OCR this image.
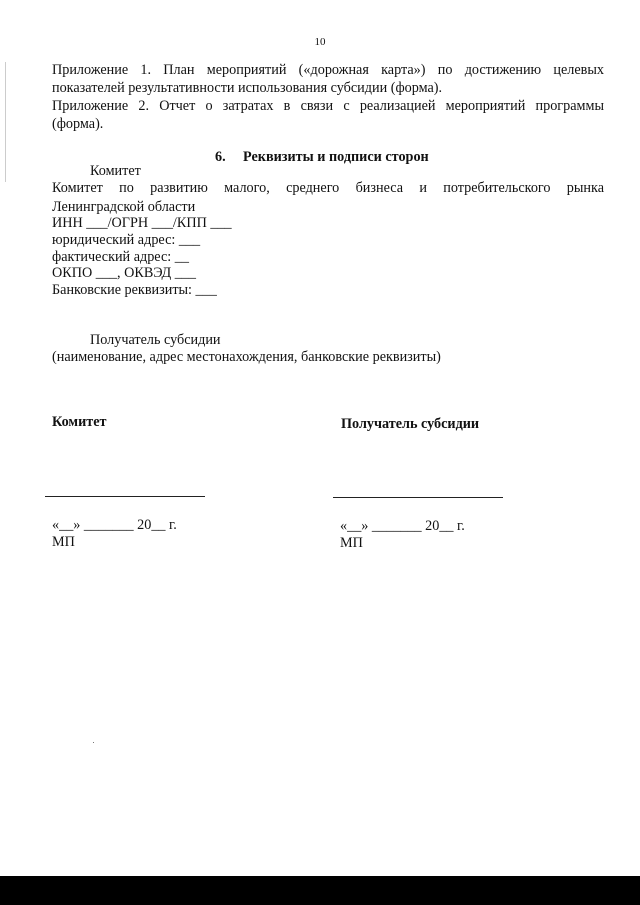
10
Приложение 1. План мероприятий («дорожная карта») по достижению целевых
показателей результативности использования субсидии (форма).
Приложение 2. Отчет о затратах в связи с реализацией мероприятий программы
(форма).
6. Реквизиты и подписи сторон
Комитет
Комитет по развитию малого, среднего бизнеса и потребительского рынка
Ленинградской области
ИНН ___/ОГРН ___/КПП ___
юридический адрес: ___
фактический адрес: __
ОКПО ___, ОКВЭД ___
Банковские реквизиты: ___
Получатель субсидии
(наименование, адрес местонахождения, банковские реквизиты)
Комитет	Получатель субсидии
«__» _______ 20__ г.	«__» _______ 20__ г.
МП	МП
